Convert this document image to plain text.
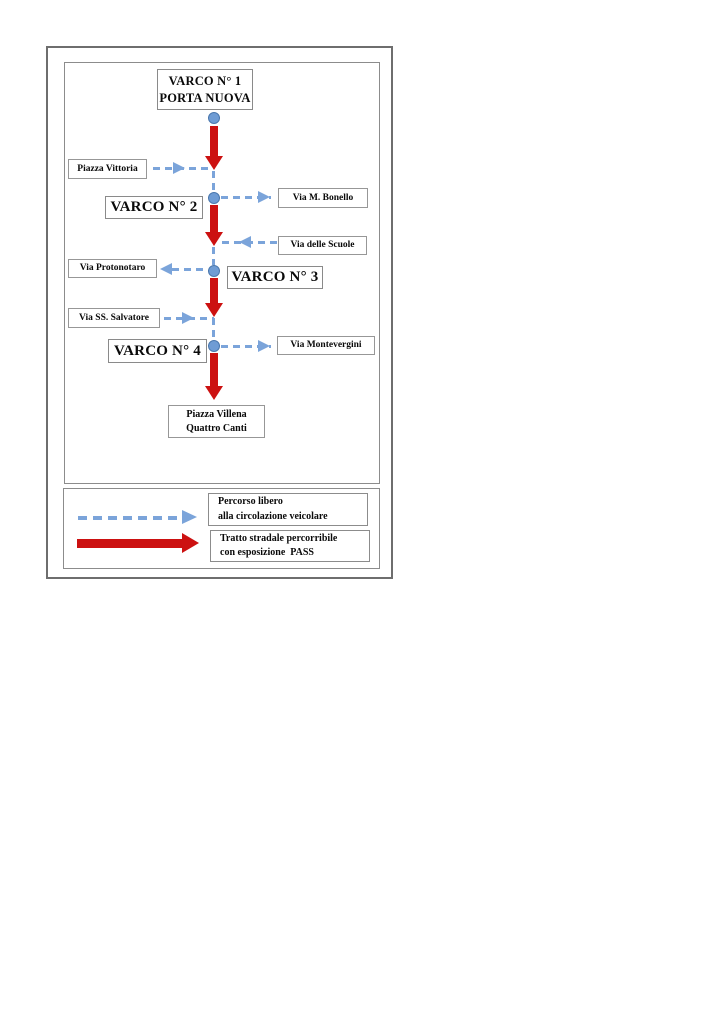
VARCO N° 1
PORTA NUOVA
Piazza Vittoria
VARCO N° 2
Via M. Bonello
Via delle Scuole
Via Protonotaro
VARCO N° 3
Via SS. Salvatore
VARCO N° 4	Via Montevergini
Piazza Villena
Quattro Canti
Percorso libero
alla circolazione veicolare
Tratto stradale percorribile
con esposizione  PASS
